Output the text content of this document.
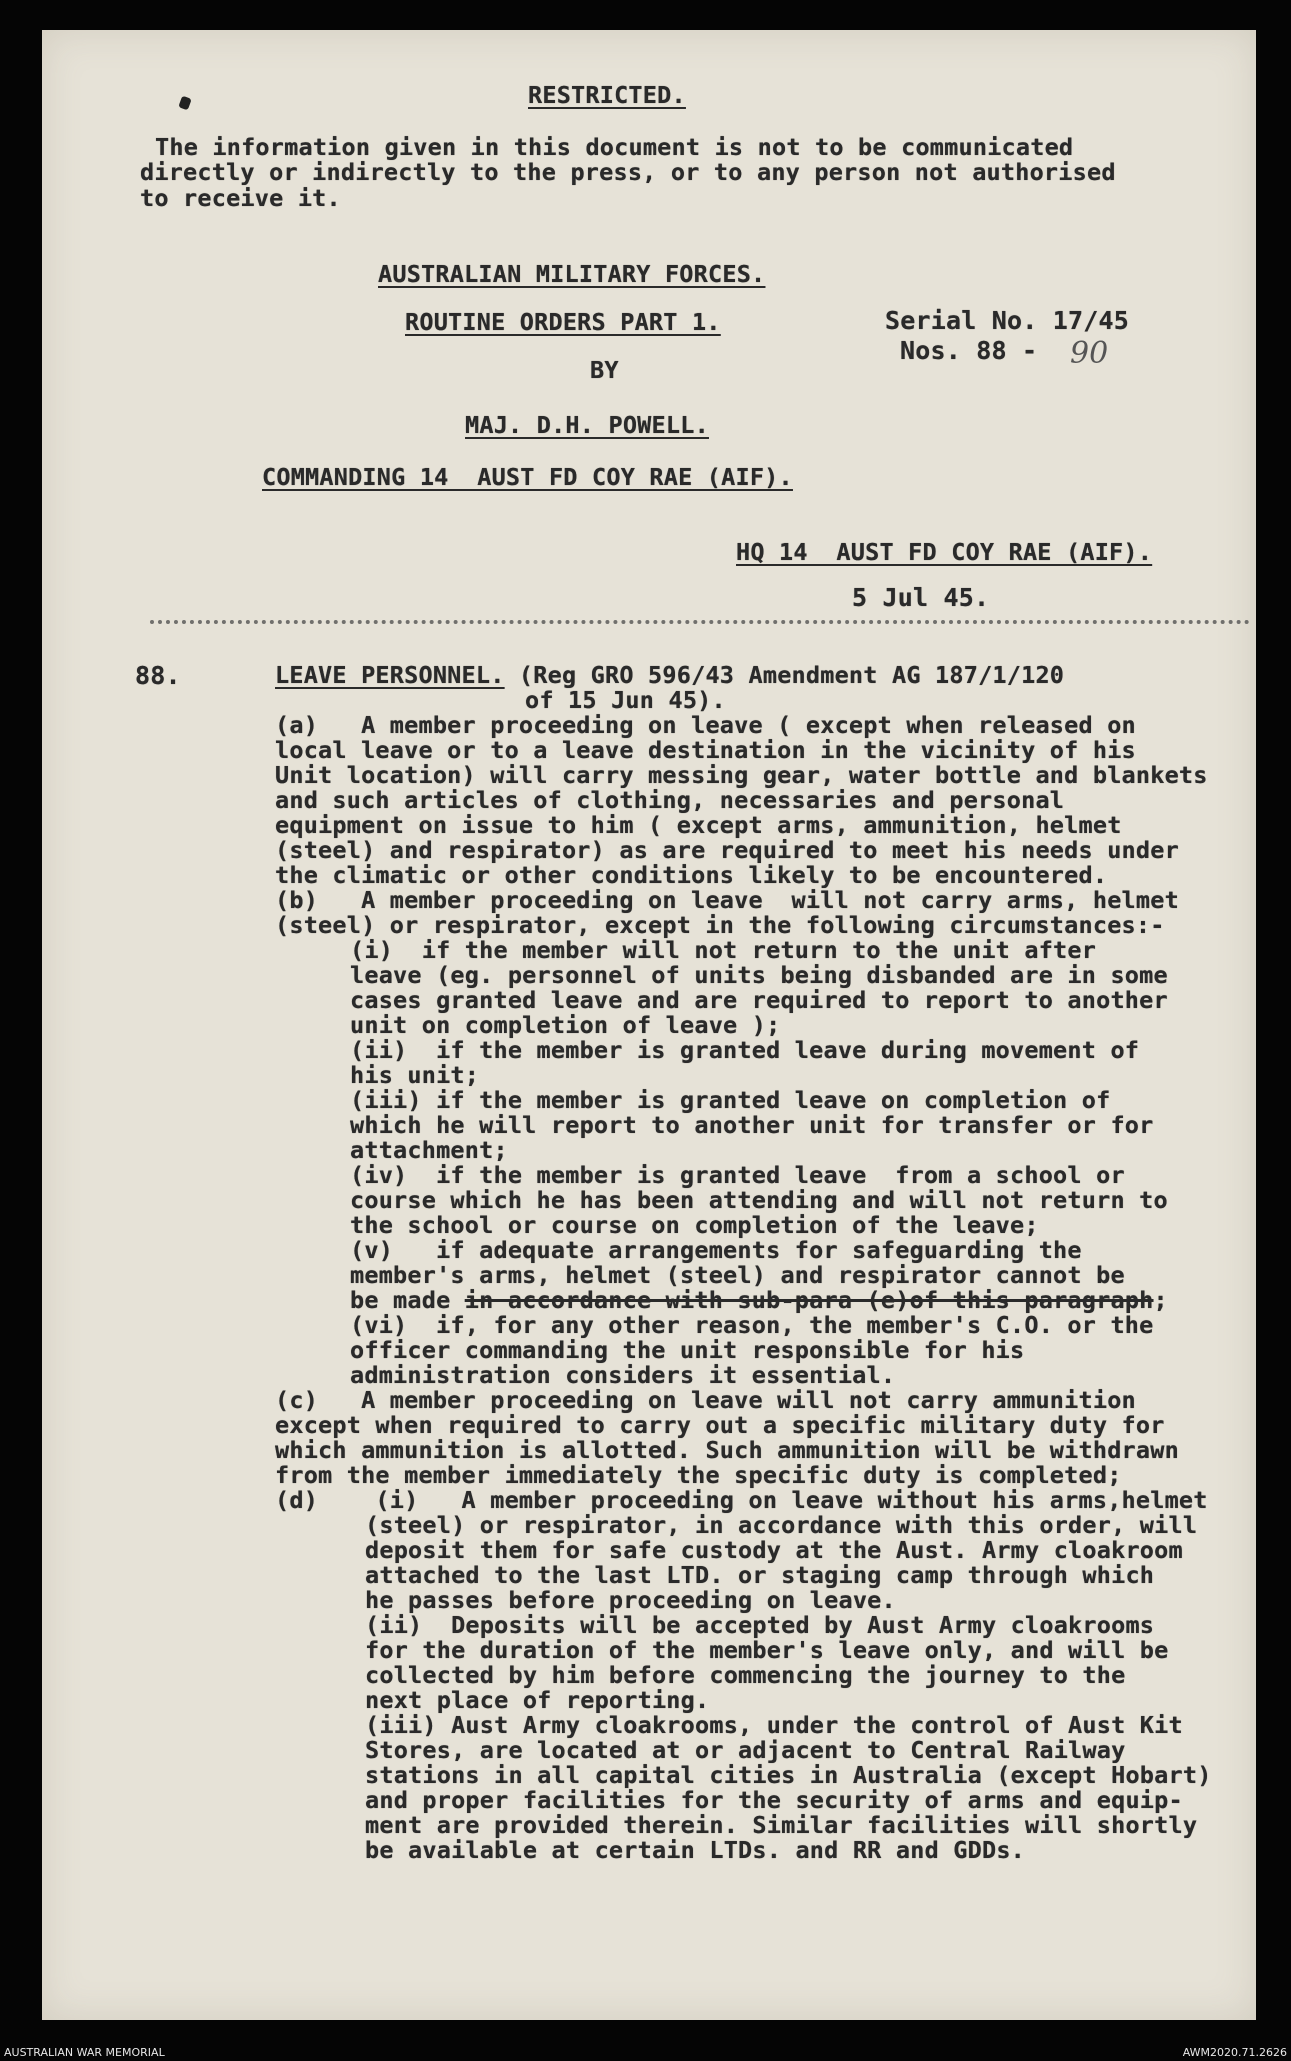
RESTRICTED.
The information given in this document is not to be communicated
directly or indirectly to the press, or to any person not authorised
to receive it.
AUSTRALIAN MILITARY FORCES.
ROUTINE ORDERS PART 1.	Serial No. 17/45
Nos. 88 - 90
BY
MAJ. D.H. POWELL.
COMMANDING 14  AUST FD COY RAE (AIF).
HQ 14  AUST FD COY RAE (AIF).
5 Jul 45.
88.	LEAVE PERSONNEL. (Reg GRO 596/43 Amendment AG 187/1/120
of 15 Jun 45).
(a)   A member proceeding on leave ( except when released on
local leave or to a leave destination in the vicinity of his
Unit location) will carry messing gear, water bottle and blankets
and such articles of clothing, necessaries and personal
equipment on issue to him ( except arms, ammunition, helmet
(steel) and respirator) as are required to meet his needs under
the climatic or other conditions likely to be encountered.
(b)   A member proceeding on leave  will not carry arms, helmet
(steel) or respirator, except in the following circumstances:-
(i)  if the member will not return to the unit after
leave (eg. personnel of units being disbanded are in some
cases granted leave and are required to report to another
unit on completion of leave );
(ii)  if the member is granted leave during movement of
his unit;
(iii) if the member is granted leave on completion of
which he will report to another unit for transfer or for
attachment;
(iv)  if the member is granted leave  from a school or
course which he has been attending and will not return to
the school or course on completion of the leave;
(v)   if adequate arrangements for safeguarding the
member's arms, helmet (steel) and respirator cannot be
be made in accordance with sub-para (e)of this paragraph;
(vi)  if, for any other reason, the member's C.O. or the
officer commanding the unit responsible for his
administration considers it essential.
(c)   A member proceeding on leave will not carry ammunition
except when required to carry out a specific military duty for
which ammunition is allotted. Such ammunition will be withdrawn
from the member immediately the specific duty is completed;
(d)    (i)   A member proceeding on leave without his arms,helmet
(steel) or respirator, in accordance with this order, will
deposit them for safe custody at the Aust. Army cloakroom
attached to the last LTD. or staging camp through which
he passes before proceeding on leave.
(ii)  Deposits will be accepted by Aust Army cloakrooms
for the duration of the member's leave only, and will be
collected by him before commencing the journey to the
next place of reporting.
(iii) Aust Army cloakrooms, under the control of Aust Kit
Stores, are located at or adjacent to Central Railway
stations in all capital cities in Australia (except Hobart)
and proper facilities for the security of arms and equip-
ment are provided therein. Similar facilities will shortly
be available at certain LTDs. and RR and GDDs.
AUSTRALIAN WAR MEMORIAL	AWM2020.71.2626
